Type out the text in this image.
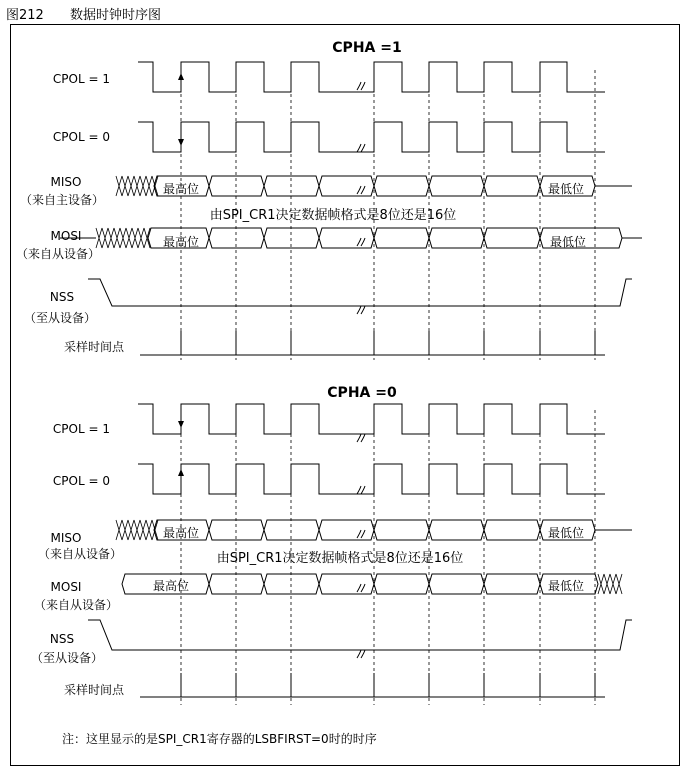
图212 数据时钟时序图
CPHA =1
CPOL = 1
CPOL = 0
MISO
（来自主设备）
MOSI
（来自从设备）
NSS
（至从设备）
采样时间点
最高位	最低位
由SPI_CR1决定数据帧格式是8位还是16位
最高位	最低位
CPHA =0
CPOL = 1
CPOL = 0
MISO
（来自从设备）
MOSI
（来自从设备）
NSS
（至从设备）
采样时间点
最高位	最低位
由SPI_CR1决定数据帧格式是8位还是16位
最高位	最低位
注：这里显示的是SPI_CR1寄存器的LSBFIRST=0时的时序
